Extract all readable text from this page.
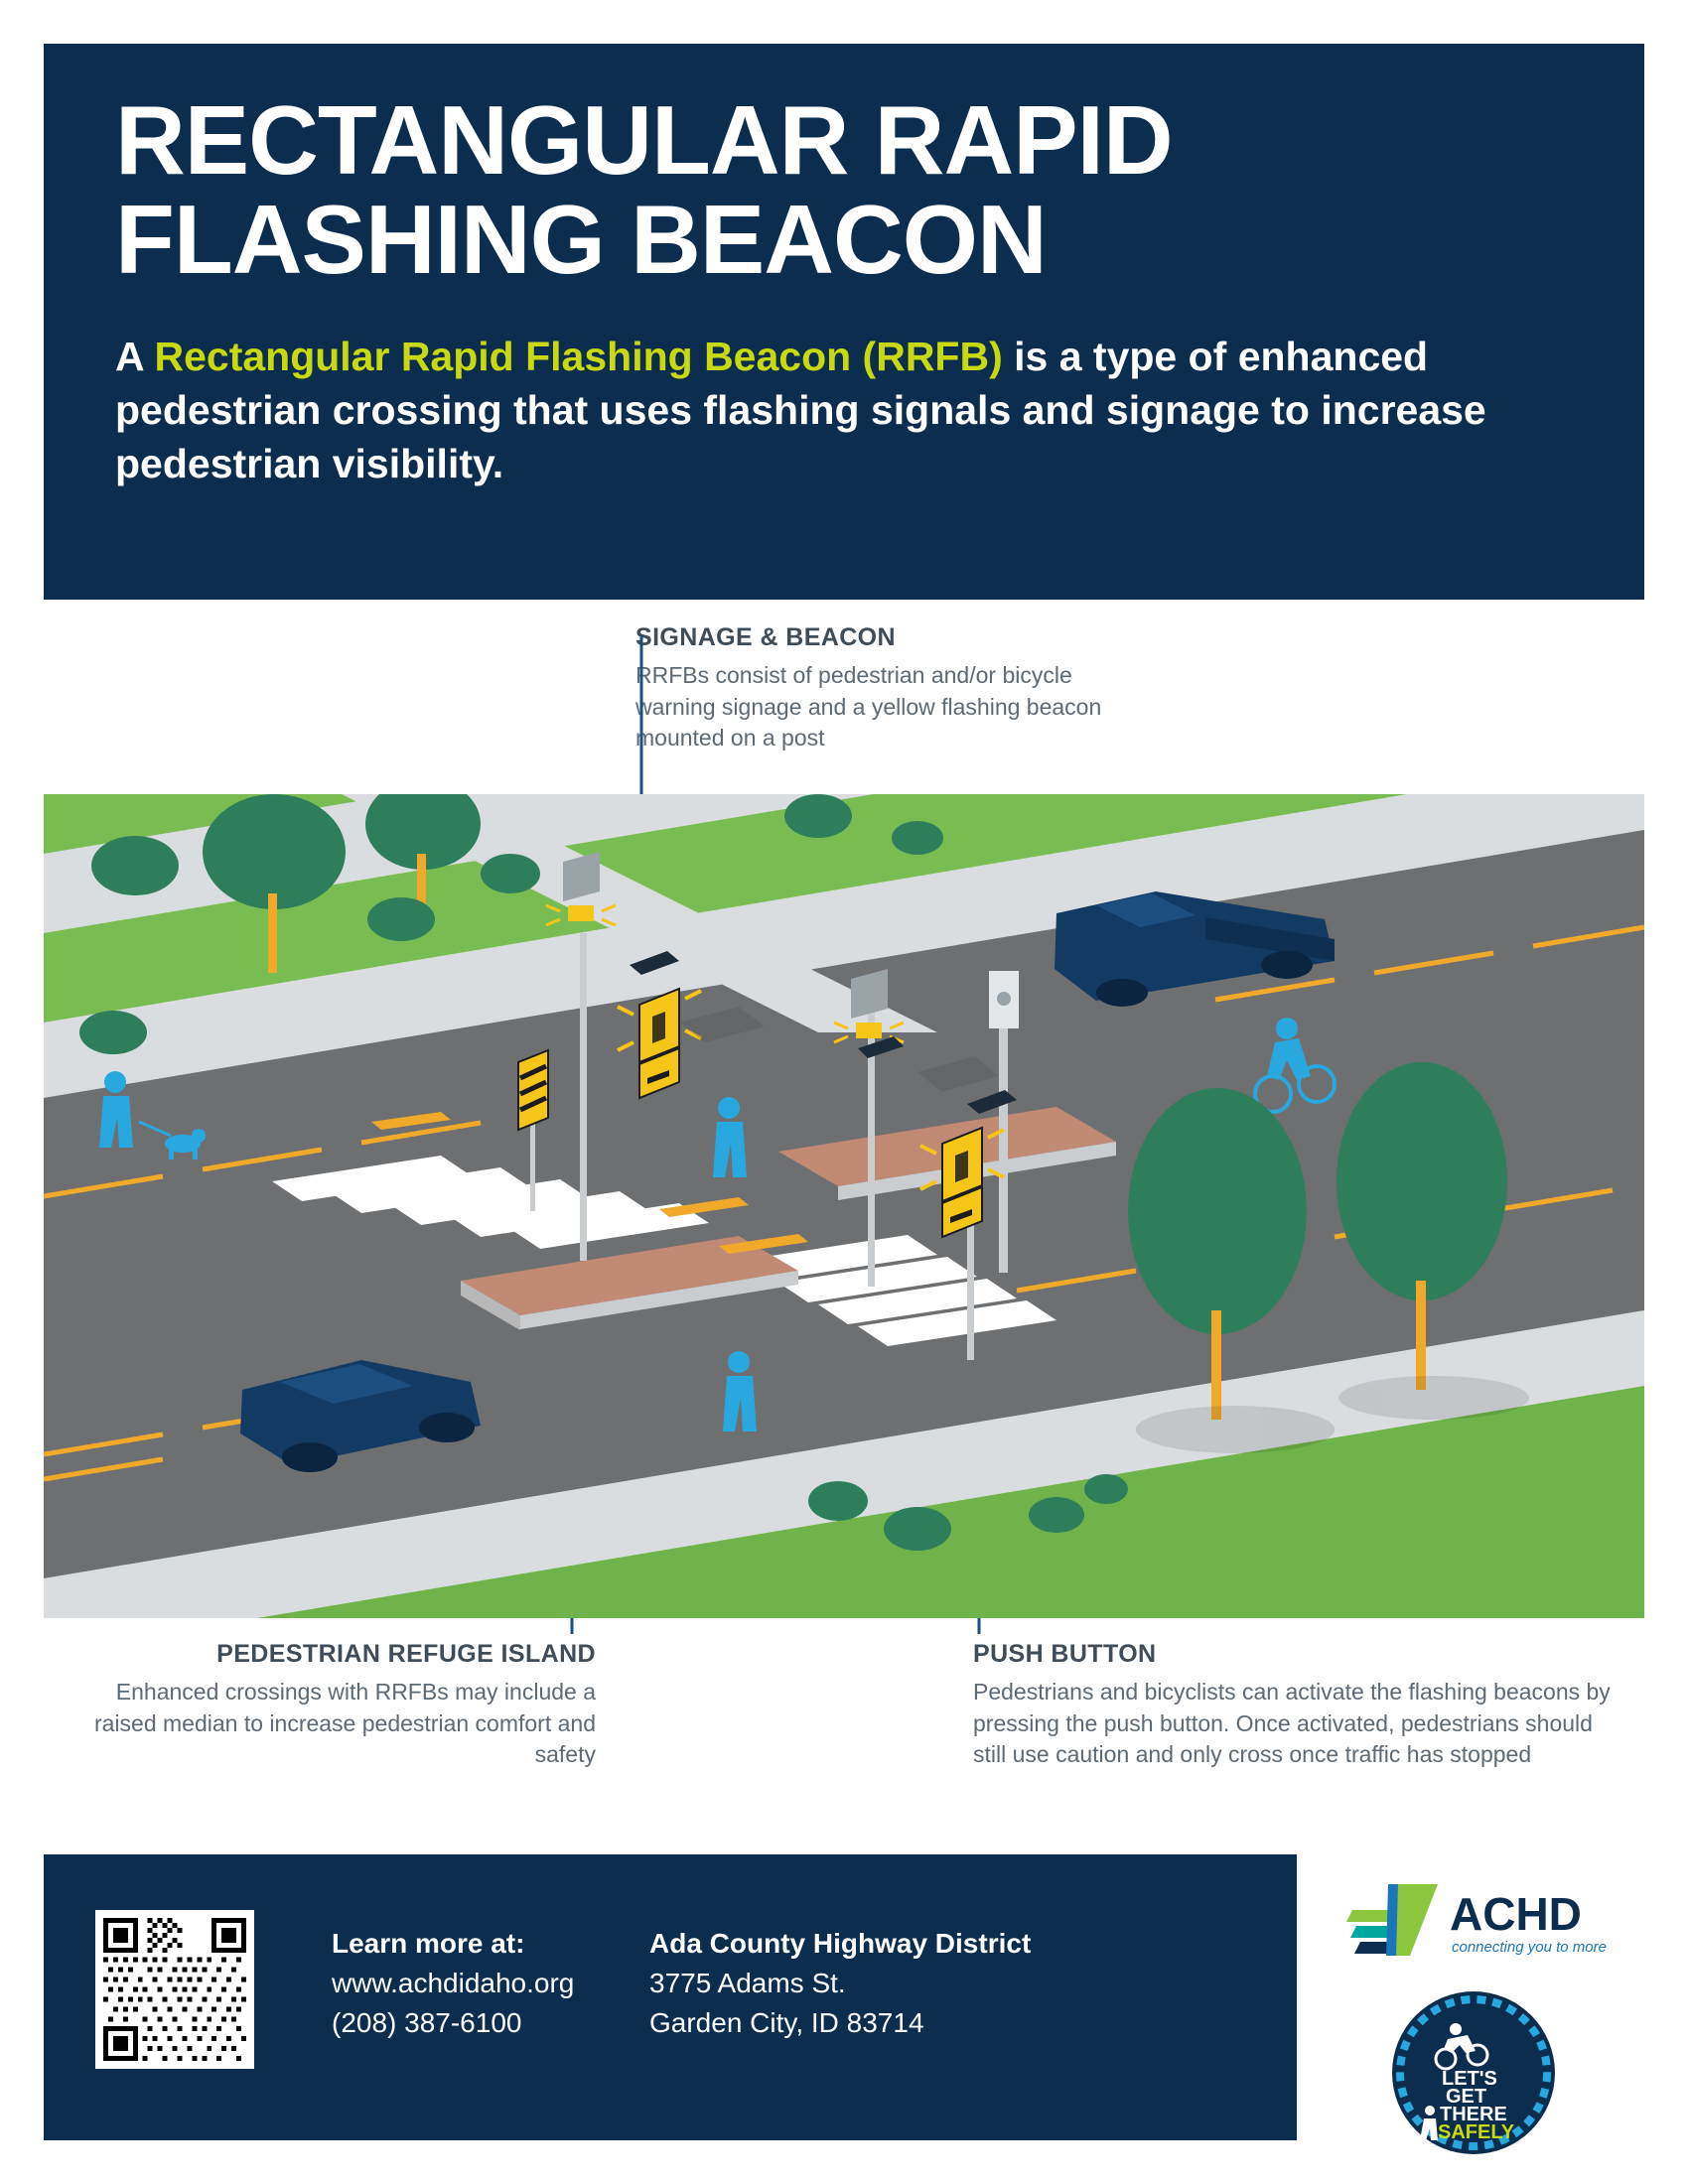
RECTANGULAR RAPID
FLASHING BEACON
A Rectangular Rapid Flashing Beacon (RRFB) is a type of enhanced pedestrian crossing that uses flashing signals and signage to increase pedestrian visibility.
SIGNAGE & BEACON
RRFBs consist of pedestrian and/or bicycle warning signage and a yellow flashing beacon mounted on a post
PEDESTRIAN REFUGE ISLAND
Enhanced crossings with RRFBs may include a raised median to increase pedestrian comfort and safety
PUSH BUTTON
Pedestrians and bicyclists can activate the flashing beacons by pressing the push button. Once activated, pedestrians should still use caution and only cross once traffic has stopped
Learn more at:
www.achdidaho.org
(208) 387-6100
Ada County Highway District
3775 Adams St.
Garden City, ID 83714
ACHD
connecting you to more
LET'S
GET
THERE
SAFELY
